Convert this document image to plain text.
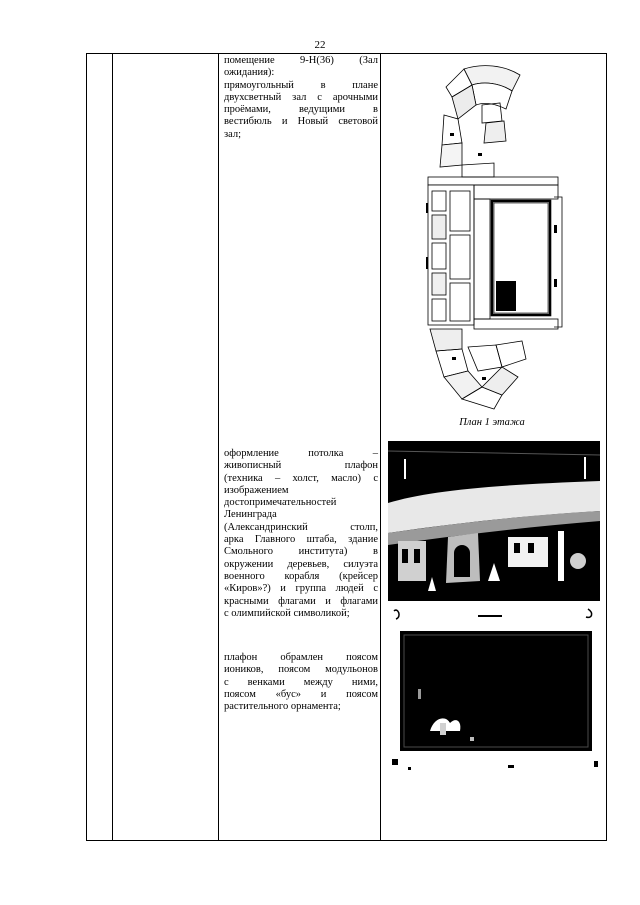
22

помещение 9-Н(36) (Зал

ожидания):

прямоугольный в плане

двухсветный зал с арочными

проёмами, ведущими в

вестибюль и Новый световой

зал;

оформление потолка –

живописный плафон

(техника – холст, масло) с

изображением

достопримечательностей

Ленинграда

(Александринский столп,

арка Главного штаба, здание

Смольного института) в

окружении деревьев, силуэта

военного корабля (крейсер

«Киров»?) и группа людей с

красными флагами и флагами

с олимпийской символикой;

плафон обрамлен поясом

иоников, поясом модульонов

с венками между ними,

поясом «бус» и поясом

растительного орнамента;

План 1 этажа
